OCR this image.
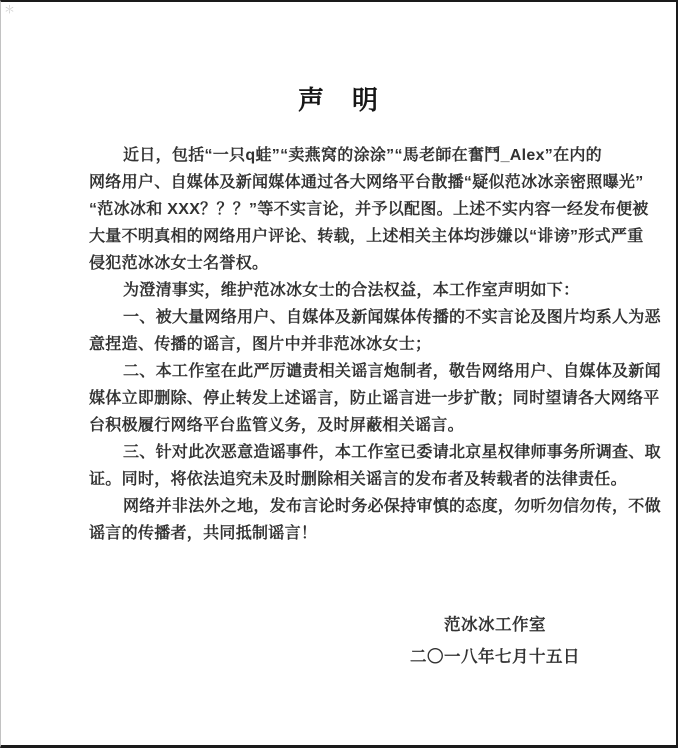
＊
声　明
近日，包括“一只q蛙”“卖燕窝的涂涂”“馬老師在奮鬥_Alex”在内的
网络用户、自媒体及新闻媒体通过各大网络平台散播“疑似范冰冰亲密照曝光”
“范冰冰和 XXX？？？”等不实言论，并予以配图。上述不实内容一经发布便被
大量不明真相的网络用户评论、转载，上述相关主体均涉嫌以“诽谤”形式严重
侵犯范冰冰女士名誉权。
为澄清事实，维护范冰冰女士的合法权益，本工作室声明如下：
一、被大量网络用户、自媒体及新闻媒体传播的不实言论及图片均系人为恶
意捏造、传播的谣言，图片中并非范冰冰女士；
二、本工作室在此严厉谴责相关谣言炮制者，敬告网络用户、自媒体及新闻
媒体立即删除、停止转发上述谣言，防止谣言进一步扩散；同时望请各大网络平
台积极履行网络平台监管义务，及时屏蔽相关谣言。
三、针对此次恶意造谣事件，本工作室已委请北京星权律师事务所调查、取
证。同时，将依法追究未及时删除相关谣言的发布者及转载者的法律责任。
网络并非法外之地，发布言论时务必保持审慎的态度，勿听勿信勿传，不做
谣言的传播者，共同抵制谣言！
范冰冰工作室
二〇一八年七月十五日
